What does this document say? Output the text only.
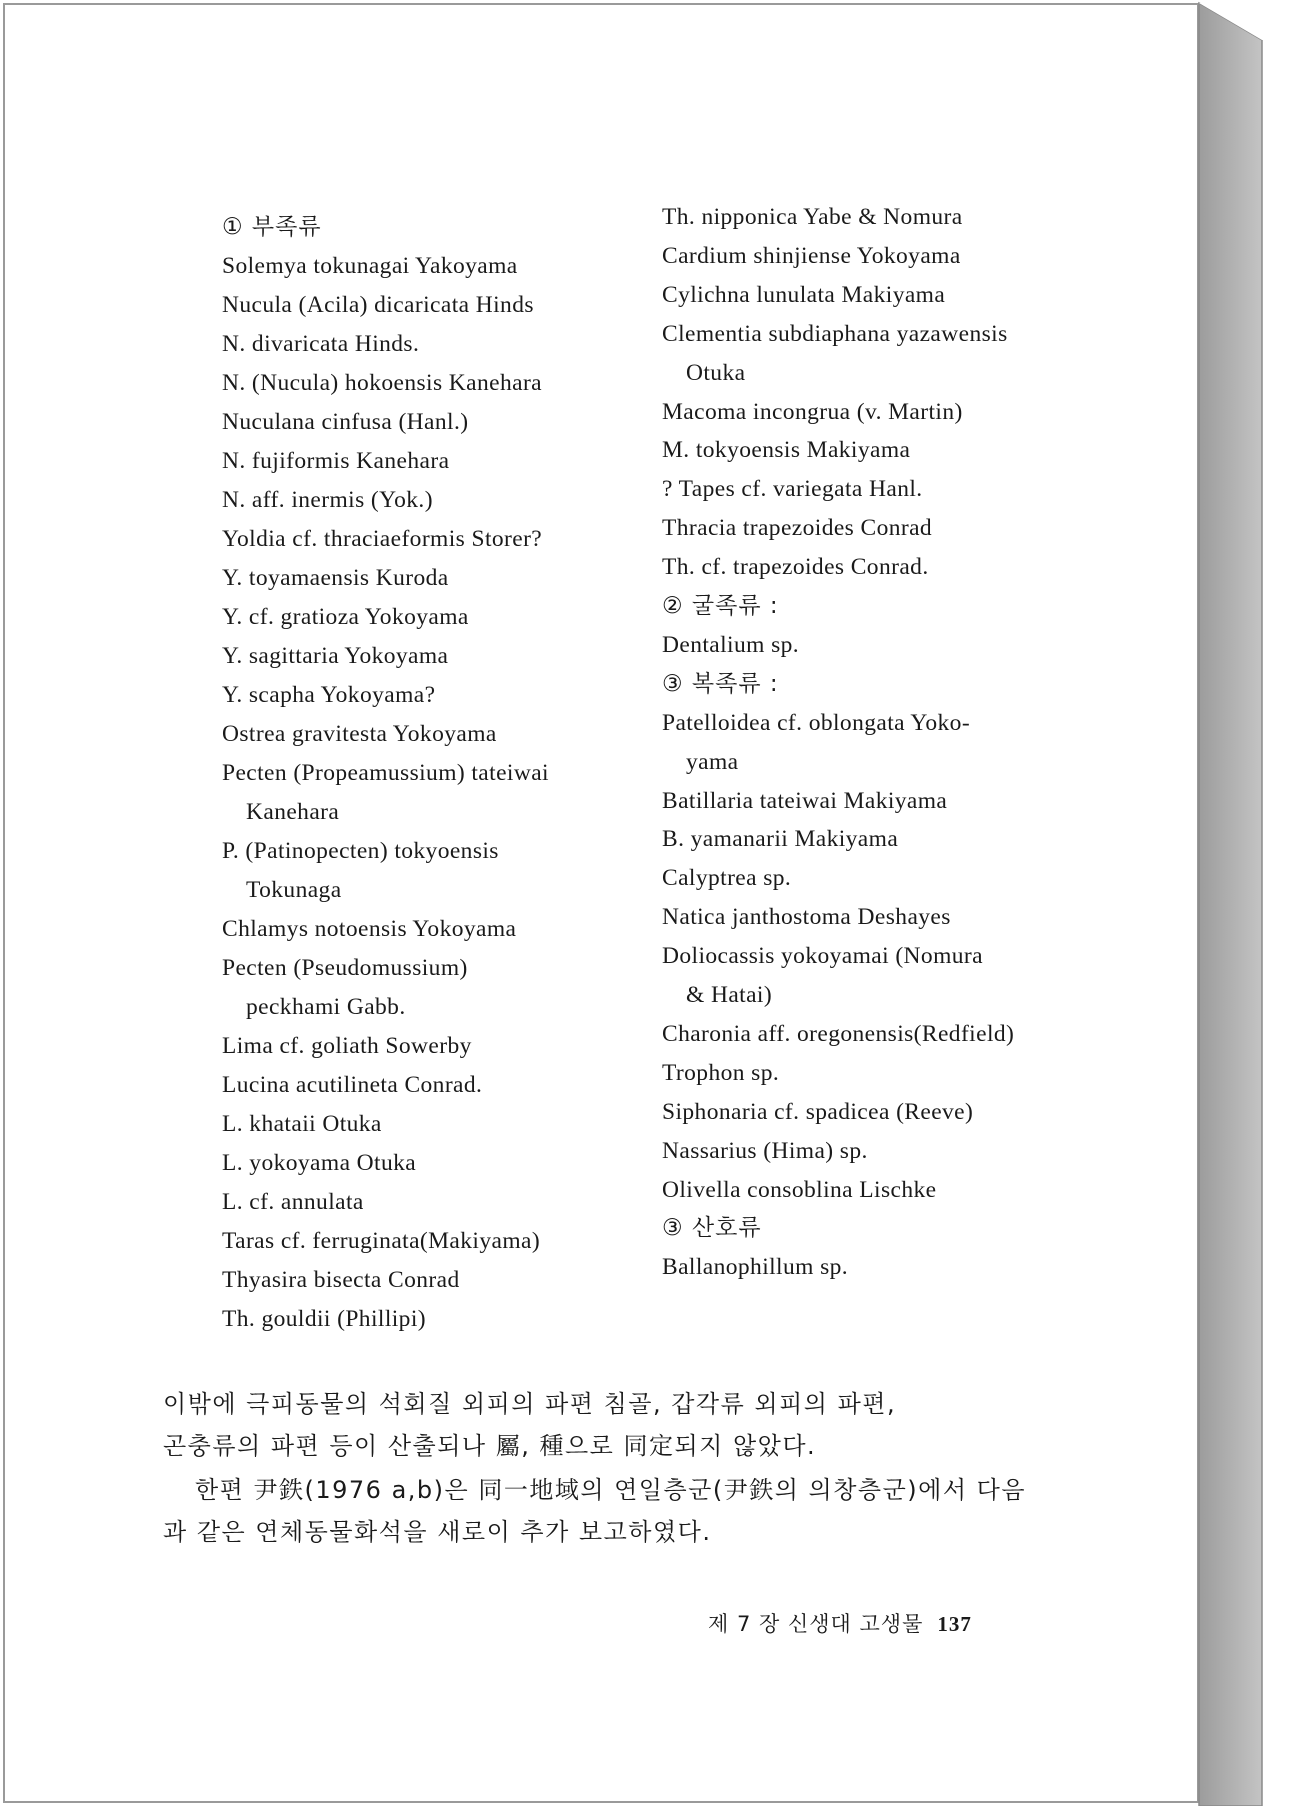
① 부족류
Solemya tokunagai Yakoyama
Nucula (Acila) dicaricata Hinds
N. divaricata Hinds.
N. (Nucula) hokoensis Kanehara
Nuculana cinfusa (Hanl.)
N. fujiformis Kanehara
N. aff. inermis (Yok.)
Yoldia cf. thraciaeformis Storer?
Y. toyamaensis Kuroda
Y. cf. gratioza Yokoyama
Y. sagittaria Yokoyama
Y. scapha Yokoyama?
Ostrea gravitesta Yokoyama
Pecten (Propeamussium) tateiwai
Kanehara
P. (Patinopecten) tokyoensis
Tokunaga
Chlamys notoensis Yokoyama
Pecten (Pseudomussium)
peckhami Gabb.
Lima cf. goliath Sowerby
Lucina acutilineta Conrad.
L. khataii Otuka
L. yokoyama Otuka
L. cf. annulata
Taras cf. ferruginata(Makiyama)
Thyasira bisecta Conrad
Th. gouldii (Phillipi)
Th. nipponica Yabe & Nomura
Cardium shinjiense Yokoyama
Cylichna lunulata Makiyama
Clementia subdiaphana yazawensis
Otuka
Macoma incongrua (v. Martin)
M. tokyoensis Makiyama
? Tapes cf. variegata Hanl.
Thracia trapezoides Conrad
Th. cf. trapezoides Conrad.
② 굴족류 :
Dentalium sp.
③ 복족류 :
Patelloidea cf. oblongata Yoko-
yama
Batillaria tateiwai Makiyama
B. yamanarii Makiyama
Calyptrea sp.
Natica janthostoma Deshayes
Doliocassis yokoyamai (Nomura
& Hatai)
Charonia aff. oregonensis(Redfield)
Trophon sp.
Siphonaria cf. spadicea (Reeve)
Nassarius (Hima) sp.
Olivella consoblina Lischke
③ 산호류
Ballanophillum sp.
이밖에 극피동물의 석회질 외피의 파편 침골, 갑각류 외피의 파편,
곤충류의 파편 등이 산출되나 屬, 種으로 同定되지 않았다.
한편 尹鉄(1976 a,b)은 同一地域의 연일층군(尹鉄의 의창층군)에서 다음
과 같은 연체동물화석을 새로이 추가 보고하였다.
제 7 장 신생대 고생물 137
